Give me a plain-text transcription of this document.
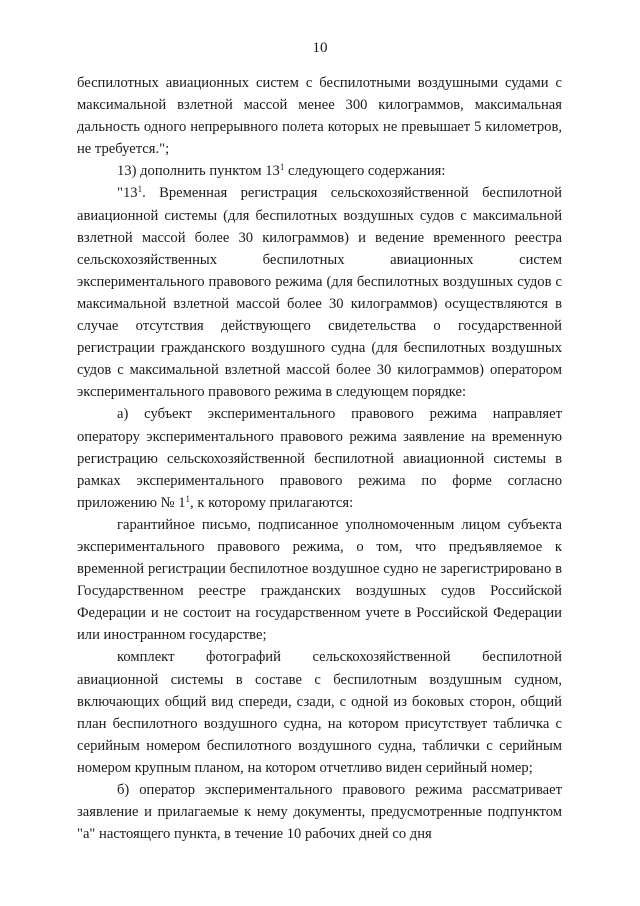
10

беспилотных авиационных систем с беспилотными воздушными судами с максимальной взлетной массой менее 300 килограммов, максимальная дальность одного непрерывного полета которых не превышает 5 километров, не требуется.";

13) дополнить пунктом $13^1$ следующего содержания:

"$13^1$. Временная регистрация сельскохозяйственной беспилотной авиационной системы (для беспилотных воздушных судов с максимальной взлетной массой более 30 килограммов) и ведение временного реестра сельскохозяйственных беспилотных авиационных систем экспериментального правового режима (для беспилотных воздушных судов с максимальной взлетной массой более 30 килограммов) осуществляются в случае отсутствия действующего свидетельства о государственной регистрации гражданского воздушного судна (для беспилотных воздушных судов с максимальной взлетной массой более 30 килограммов) оператором экспериментального правового режима в следующем порядке:

а) субъект экспериментального правового режима направляет оператору экспериментального правового режима заявление на временную регистрацию сельскохозяйственной беспилотной авиационной системы в рамках экспериментального правового режима по форме согласно приложению № $1^1$, к которому прилагаются:

гарантийное письмо, подписанное уполномоченным лицом субъекта экспериментального правового режима, о том, что предъявляемое к временной регистрации беспилотное воздушное судно не зарегистрировано в Государственном реестре гражданских воздушных судов Российской Федерации и не состоит на государственном учете в Российской Федерации или иностранном государстве;

комплект фотографий сельскохозяйственной беспилотной авиационной системы в составе с беспилотным воздушным судном, включающих общий вид спереди, сзади, с одной из боковых сторон, общий план беспилотного воздушного судна, на котором присутствует табличка с серийным номером беспилотного воздушного судна, таблички с серийным номером крупным планом, на котором отчетливо виден серийный номер;

б) оператор экспериментального правового режима рассматривает заявление и прилагаемые к нему документы, предусмотренные подпунктом "а" настоящего пункта, в течение 10 рабочих дней со дня
